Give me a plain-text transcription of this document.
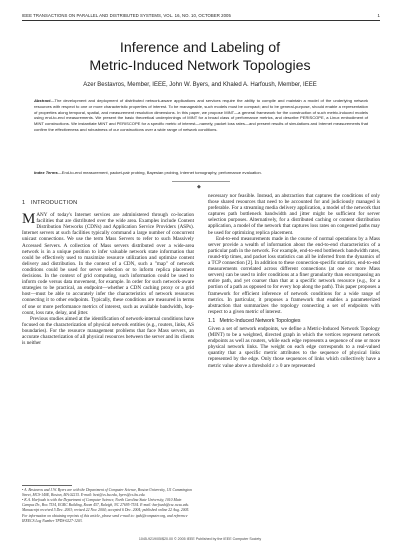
IEEE TRANSACTIONS ON PARALLEL AND DISTRIBUTED SYSTEMS, VOL. 16, NO. 10, OCTOBER 2005	1
Inference and Labeling of
Metric-Induced Network Topologies
Azer Bestavros, Member, IEEE, John W. Byers, and Khaled A. Harfoush, Member, IEEE
Abstract—The development and deployment of distributed network-aware applications and services require the ability to compile and maintain a model of the underlying network resources with respect to one or more characteristic properties of interest. To be manageable, such models must be compact; and to be general-purpose, should enable a representation of properties along temporal, spatial, and measurement resolution dimensions. In this paper, we propose MINT—a general framework for the construction of such metric-induced models using end-to-end measurements. We present the basic theoretical underpinnings of MINT for a broad class of performance metrics, and describe PERISCOPE, a Linux embodiment of MINT constructions. We instantiate MINT and PERISCOPE for a specific metric of interest—namely, packet loss rates—and present results of simulations and Internet measurements that confirm the effectiveness and robustness of our constructions over a wide range of network conditions.
Index Terms—End-to-end measurement, packet-pair probing, Bayesian probing, Internet tomography, performance evaluation.
◆
1 INTRODUCTION

MANY of today's Internet services are administered through co-location facilities that are distributed over the wide area. Examples include Content Distribution Networks (CDNs) and Application Service Providers (ASPs). Internet servers at such facilities typically command a large number of concurrent unicast connections. We use the term Mass Servers to refer to such Massively Accessed Servers. A collection of Mass servers distributed over a wide-area network is in a unique position to infer valuable network state information that could be effectively used to maximize resource utilization and optimize content delivery and distribution. In the context of a CDN, such a "map" of network conditions could be used for server selection or to inform replica placement decisions. In the context of grid computing, such information could be used to inform code versus data movement, for example. In order for such network-aware strategies to be practical, an endpoint—whether a CDN caching proxy or a grid host—must be able to accurately infer the characteristics of network resources connecting it to other endpoints. Typically, these conditions are measured in terms of one or more performance metrics of interest, such as available bandwidth, hop-count, loss rate, delay, and jitter.

Previous studies aimed at the identification of network-internal conditions have focused on the characterization of physical network entities (e.g., routers, links, AS boundaries). For the resource management problems that face Mass servers, an accurate characterization of all physical resources between the server and its clients is neither

necessary nor feasible. Instead, an abstraction that captures the conditions of only those shared resources that need to be accounted for and judiciously managed is preferable. For a streaming media delivery application, a model of the network that captures path bottleneck bandwidth and jitter might be sufficient for server selection purposes. Alternatively, for a distributed caching or content distribution application, a model of the network that captures loss rates on congested paths may be used for optimizing replica placement.

End-to-end measurements made in the course of normal operations by a Mass server provide a wealth of information about the end-to-end characteristics of a particular path in the network. For example, end-to-end bottleneck bandwidth rates, round-trip times, and packet loss statistics can all be inferred from the dynamics of a TCP connection [2]. In addition to these connection-specific statistics, end-to-end measurements correlated across different connections (at one or more Mass servers) can be used to infer conditions at a finer granularity than encompassing an entire path, and yet coarser than that at a specific network resource (e.g., for a portion of a path as opposed to for every hop along the path). This paper proposes a framework for efficient inference of network conditions for a wide range of metrics. In particular, it proposes a framework that enables a parameterized abstraction that summarizes the topology connecting a set of endpoints with respect to a given metric of interest.

1.1 Metric-Induced Network Topologies

Given a set of network endpoints, we define a Metric-Induced Network Topology (MINT) to be a weighted, directed graph in which the vertices represent network endpoints as well as routers, while each edge represents a sequence of one or more physical network links. The weight on each edge corresponds to a real-valued quantity that a specific metric attributes to the sequence of physical links represented by the edge. Only those sequences of links which collectively have a metric value above a threshold ε ≥ 0 are represented

• A. Bestavros and J.W. Byers are with the Department of Computer Science, Boston University, 111 Cummington Street, MCS-140E, Boston, MA 02215. E-mail: best@cs.bu.edu, byers@cs.bu.edu.

• K.A. Harfoush is with the Department of Computer Science, North Carolina State University, 1010 Main Campus Dr., Box 7534, EGRC Building, Room 457, Raleigh, NC 27695-7534. E-mail: harfoush@csc.ncsu.edu.

Manuscript received 5 Dec. 2003; revised 22 Nov. 2004; accepted 6 Dec. 2004; published online 22 Aug. 2005.

For information on obtaining reprints of this article, please send e-mail to: tpds@computer.org, and reference IEEECS Log Number TPDS-0227-1203.

1045-9219/05/$20.00 © 2005 IEEE Published by the IEEE Computer Society
